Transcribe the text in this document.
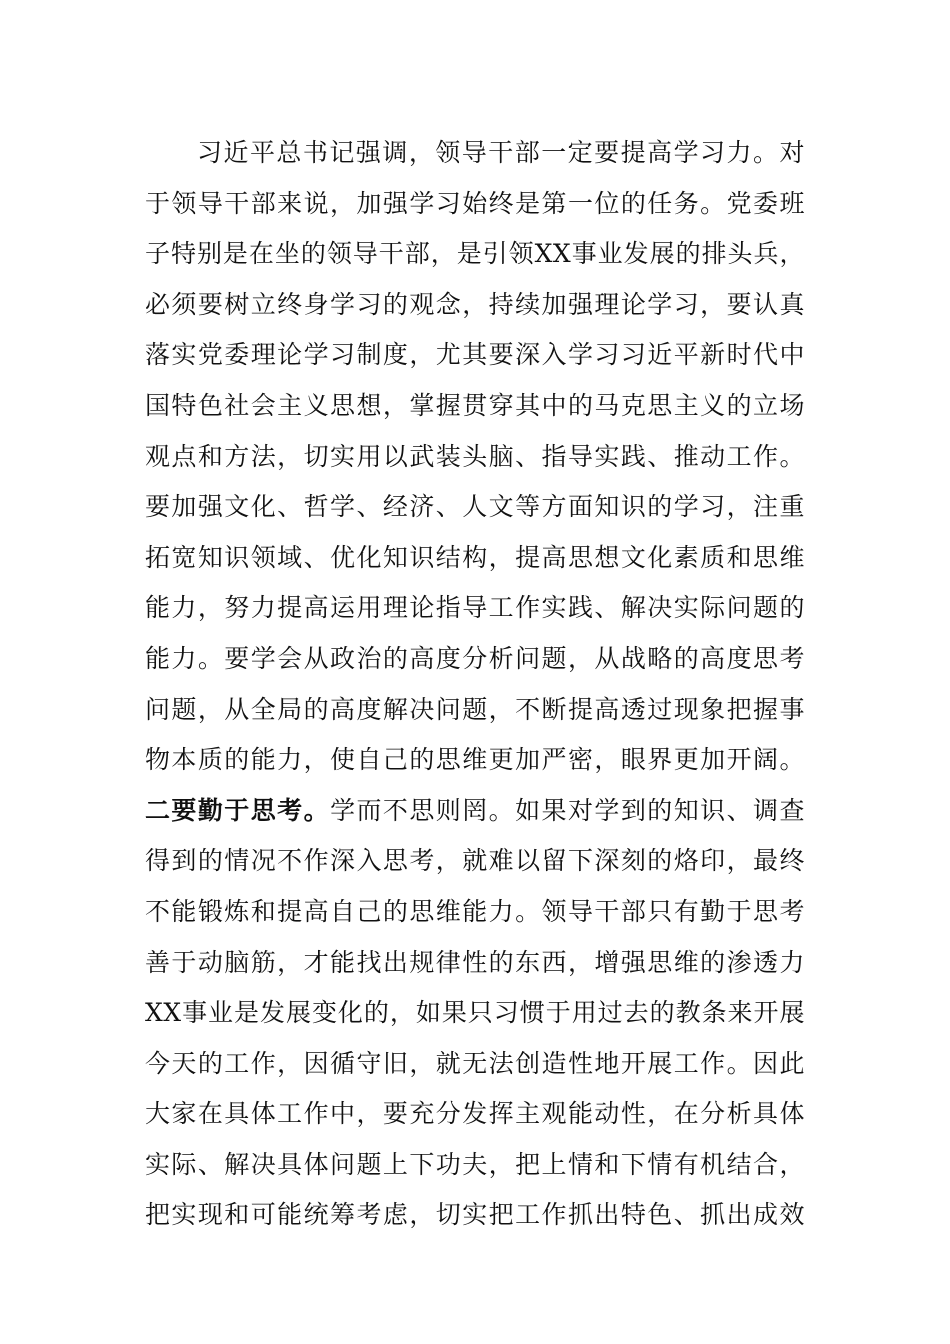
习近平总书记强调，领导干部一定要提高学习力。对
于领导干部来说，加强学习始终是第一位的任务。党委班
子特别是在坐的领导干部，是引领XX事业发展的排头兵，
必须要树立终身学习的观念，持续加强理论学习，要认真
落实党委理论学习制度，尤其要深入学习习近平新时代中
国特色社会主义思想，掌握贯穿其中的马克思主义的立场
观点和方法，切实用以武装头脑、指导实践、推动工作。
要加强文化、哲学、经济、人文等方面知识的学习，注重
拓宽知识领域、优化知识结构，提高思想文化素质和思维
能力，努力提高运用理论指导工作实践、解决实际问题的
能力。要学会从政治的高度分析问题，从战略的高度思考
问题，从全局的高度解决问题，不断提高透过现象把握事
物本质的能力，使自己的思维更加严密，眼界更加开阔。
二要勤于思考。学而不思则罔。如果对学到的知识、调查
得到的情况不作深入思考，就难以留下深刻的烙印，最终
不能锻炼和提高自己的思维能力。领导干部只有勤于思考
善于动脑筋，才能找出规律性的东西，增强思维的渗透力
XX事业是发展变化的，如果只习惯于用过去的教条来开展
今天的工作，因循守旧，就无法创造性地开展工作。因此
大家在具体工作中，要充分发挥主观能动性，在分析具体
实际、解决具体问题上下功夫，把上情和下情有机结合，
把实现和可能统筹考虑，切实把工作抓出特色、抓出成效
